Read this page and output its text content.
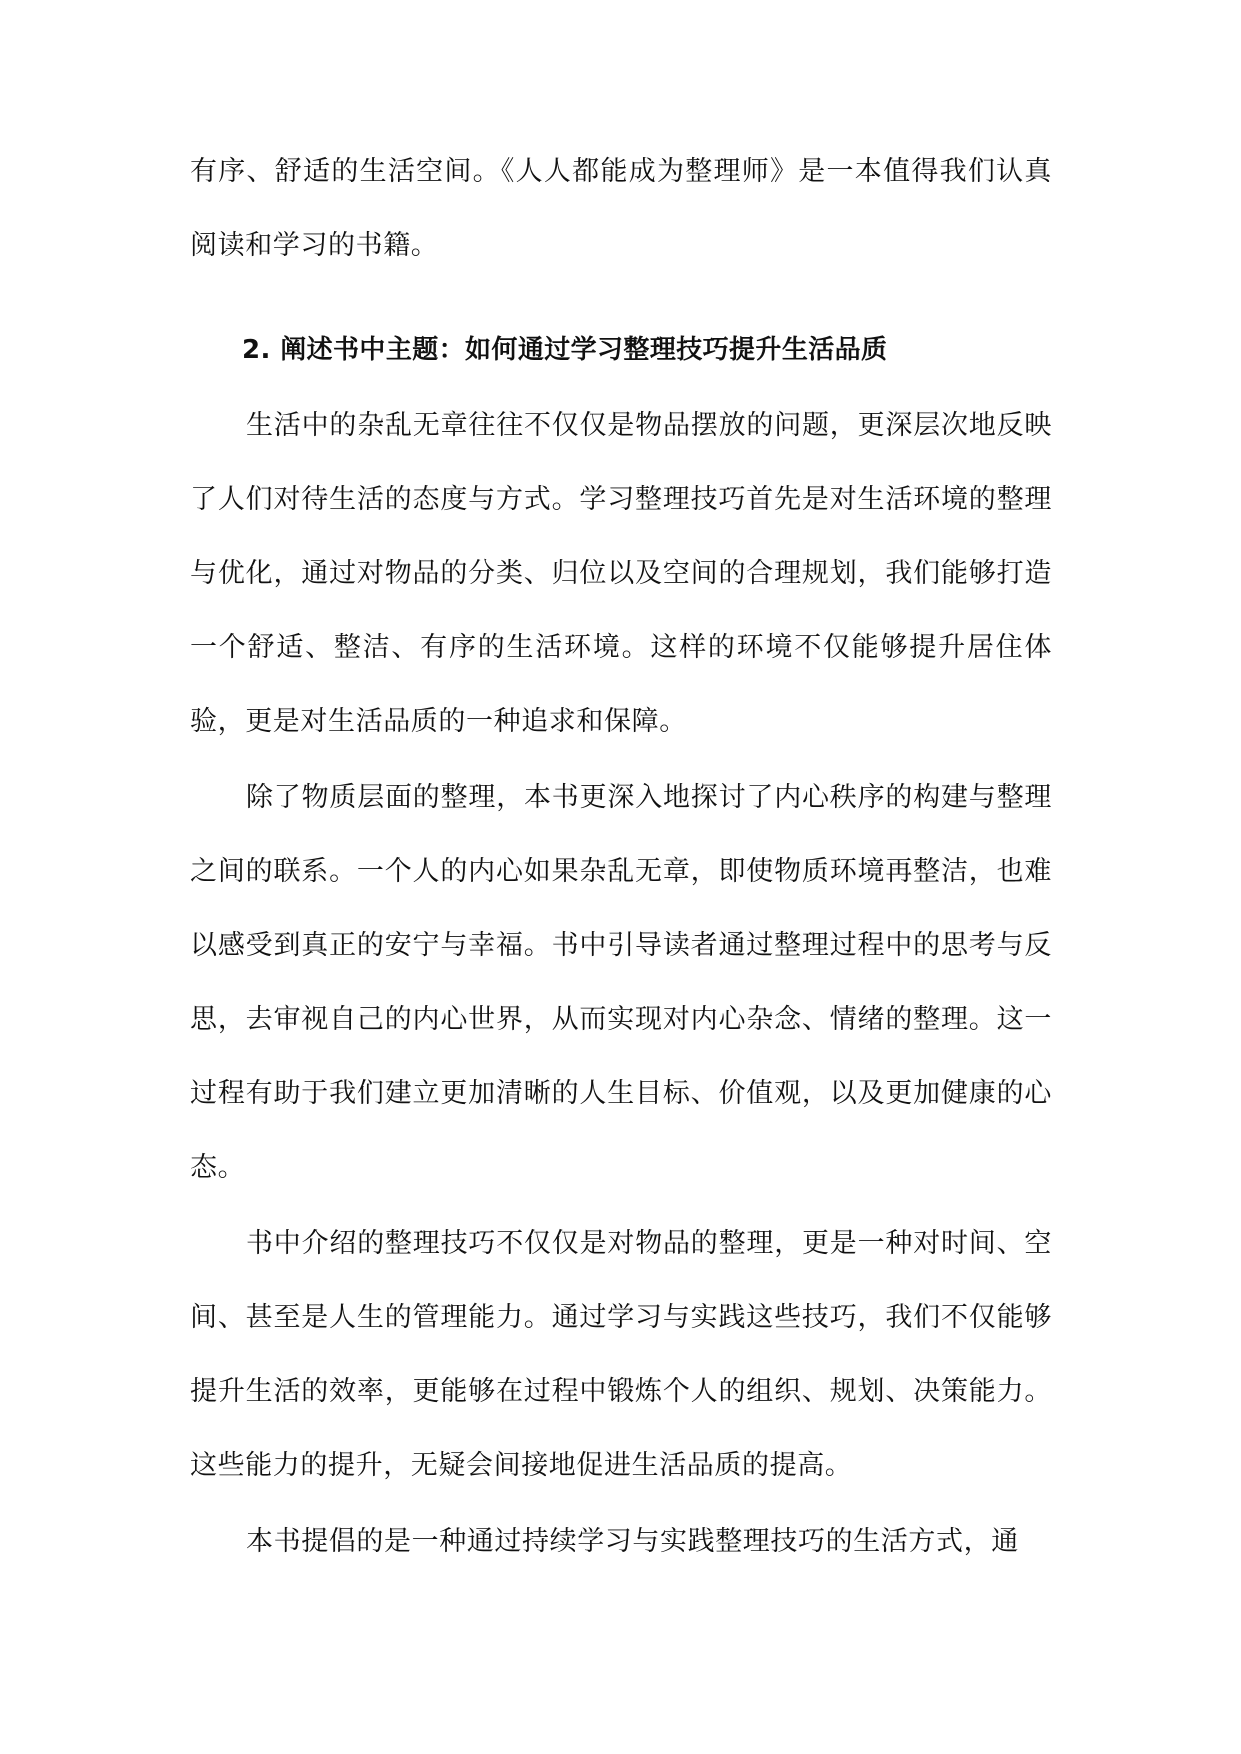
有序、舒适的生活空间。《人人都能成为整理师》是一本值得我们认真阅读和学习的书籍。

2. 阐述书中主题：如何通过学习整理技巧提升生活品质

生活中的杂乱无章往往不仅仅是物品摆放的问题，更深层次地反映了人们对待生活的态度与方式。学习整理技巧首先是对生活环境的整理与优化，通过对物品的分类、归位以及空间的合理规划，我们能够打造一个舒适、整洁、有序的生活环境。这样的环境不仅能够提升居住体验，更是对生活品质的一种追求和保障。

除了物质层面的整理，本书更深入地探讨了内心秩序的构建与整理之间的联系。一个人的内心如果杂乱无章，即使物质环境再整洁，也难以感受到真正的安宁与幸福。书中引导读者通过整理过程中的思考与反思，去审视自己的内心世界，从而实现对内心杂念、情绪的整理。这一过程有助于我们建立更加清晰的人生目标、价值观，以及更加健康的心态。

书中介绍的整理技巧不仅仅是对物品的整理，更是一种对时间、空间、甚至是人生的管理能力。通过学习与实践这些技巧，我们不仅能够提升生活的效率，更能够在过程中锻炼个人的组织、规划、决策能力。这些能力的提升，无疑会间接地促进生活品质的提高。

本书提倡的是一种通过持续学习与实践整理技巧的生活方式，通
